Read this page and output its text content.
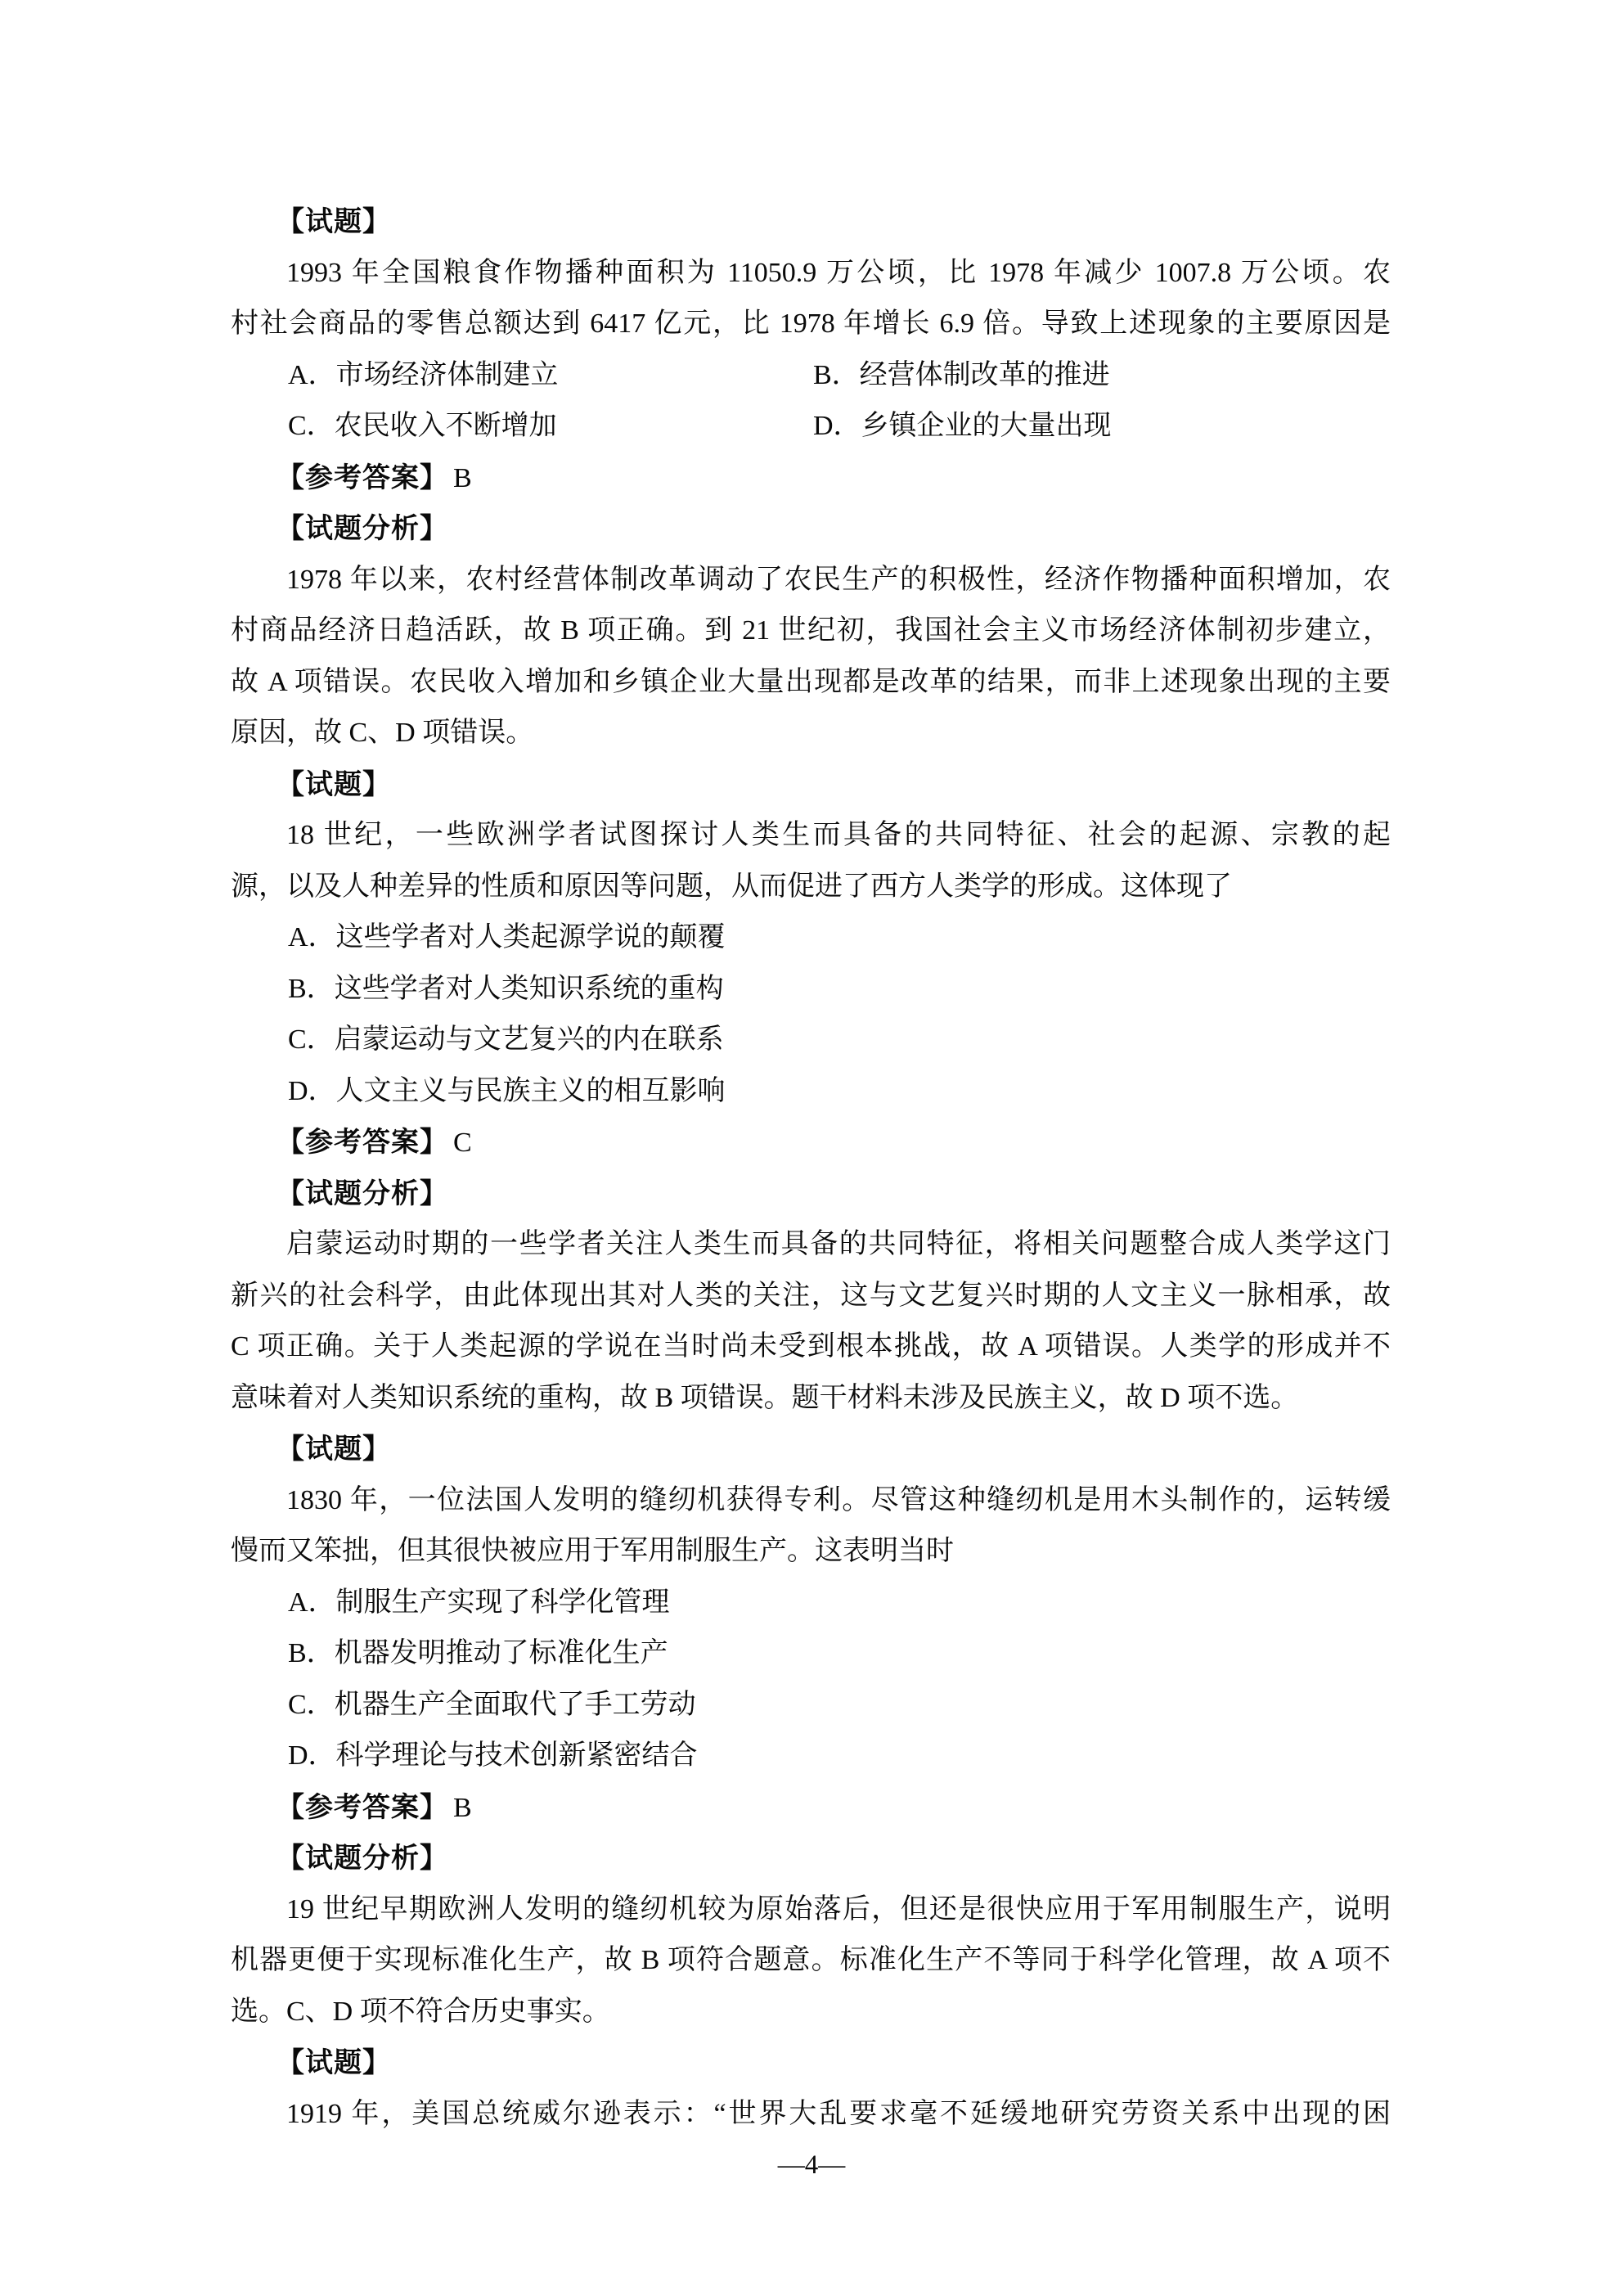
【试题】
1993 年全国粮食作物播种面积为 11050.9 万公顷，比 1978 年减少 1007.8 万公顷。农
村社会商品的零售总额达到 6417 亿元，比 1978 年增长 6.9 倍。导致上述现象的主要原因是
A．市场经济体制建立	B．经营体制改革的推进
C．农民收入不断增加	D．乡镇企业的大量出现
【参考答案】 B
【试题分析】
1978 年以来，农村经营体制改革调动了农民生产的积极性，经济作物播种面积增加，农
村商品经济日趋活跃，故 B 项正确。到 21 世纪初，我国社会主义市场经济体制初步建立，
故 A 项错误。农民收入增加和乡镇企业大量出现都是改革的结果，而非上述现象出现的主要
原因，故 C、D 项错误。
【试题】
18 世纪，一些欧洲学者试图探讨人类生而具备的共同特征、社会的起源、宗教的起
源，以及人种差异的性质和原因等问题，从而促进了西方人类学的形成。这体现了
A．这些学者对人类起源学说的颠覆
B．这些学者对人类知识系统的重构
C．启蒙运动与文艺复兴的内在联系
D．人文主义与民族主义的相互影响
【参考答案】 C
【试题分析】
启蒙运动时期的一些学者关注人类生而具备的共同特征，将相关问题整合成人类学这门
新兴的社会科学，由此体现出其对人类的关注，这与文艺复兴时期的人文主义一脉相承，故
C 项正确。关于人类起源的学说在当时尚未受到根本挑战，故 A 项错误。人类学的形成并不
意味着对人类知识系统的重构，故 B 项错误。题干材料未涉及民族主义，故 D 项不选。
【试题】
1830 年，一位法国人发明的缝纫机获得专利。尽管这种缝纫机是用木头制作的，运转缓
慢而又笨拙，但其很快被应用于军用制服生产。这表明当时
A．制服生产实现了科学化管理
B．机器发明推动了标准化生产
C．机器生产全面取代了手工劳动
D．科学理论与技术创新紧密结合
【参考答案】 B
【试题分析】
19 世纪早期欧洲人发明的缝纫机较为原始落后，但还是很快应用于军用制服生产，说明
机器更便于实现标准化生产，故 B 项符合题意。标准化生产不等同于科学化管理，故 A 项不
选。C、D 项不符合历史事实。
【试题】
1919 年，美国总统威尔逊表示：“世界大乱要求毫不延缓地研究劳资关系中出现的困
—4—
